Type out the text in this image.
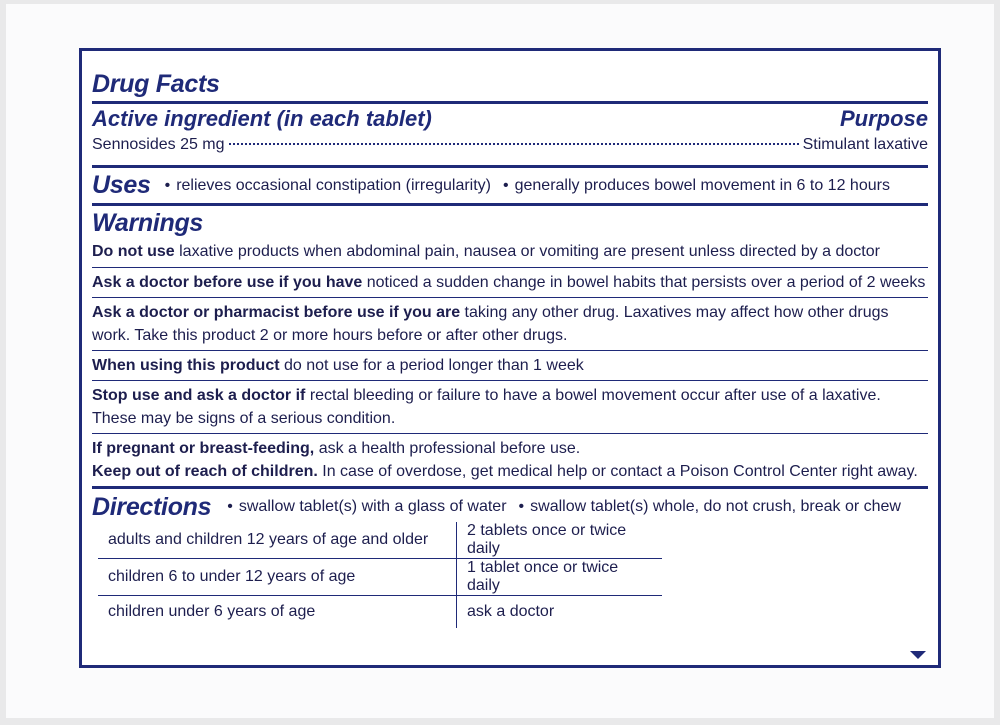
Drug Facts
Active ingredient (in each tablet)	Purpose
Sennosides 25 mg	Stimulant laxative
Uses	• relieves occasional constipation (irregularity)	• generally produces bowel movement in 6 to 12 hours
Warnings
Do not use laxative products when abdominal pain, nausea or vomiting are present unless directed by a doctor
Ask a doctor before use if you have noticed a sudden change in bowel habits that persists over a period of 2 weeks
Ask a doctor or pharmacist before use if you are taking any other drug. Laxatives may affect how other drugs work. Take this product 2 or more hours before or after other drugs.
When using this product do not use for a period longer than 1 week
Stop use and ask a doctor if rectal bleeding or failure to have a bowel movement occur after use of a laxative. These may be signs of a serious condition.
If pregnant or breast-feeding, ask a health professional before use.
Keep out of reach of children. In case of overdose, get medical help or contact a Poison Control Center right away.
Directions	• swallow tablet(s) with a glass of water	• swallow tablet(s) whole, do not crush, break or chew
adults and children 12 years of age and older	2 tablets once or twice daily
children 6 to under 12 years of age	1 tablet once or twice daily
children under 6 years of age	ask a doctor
